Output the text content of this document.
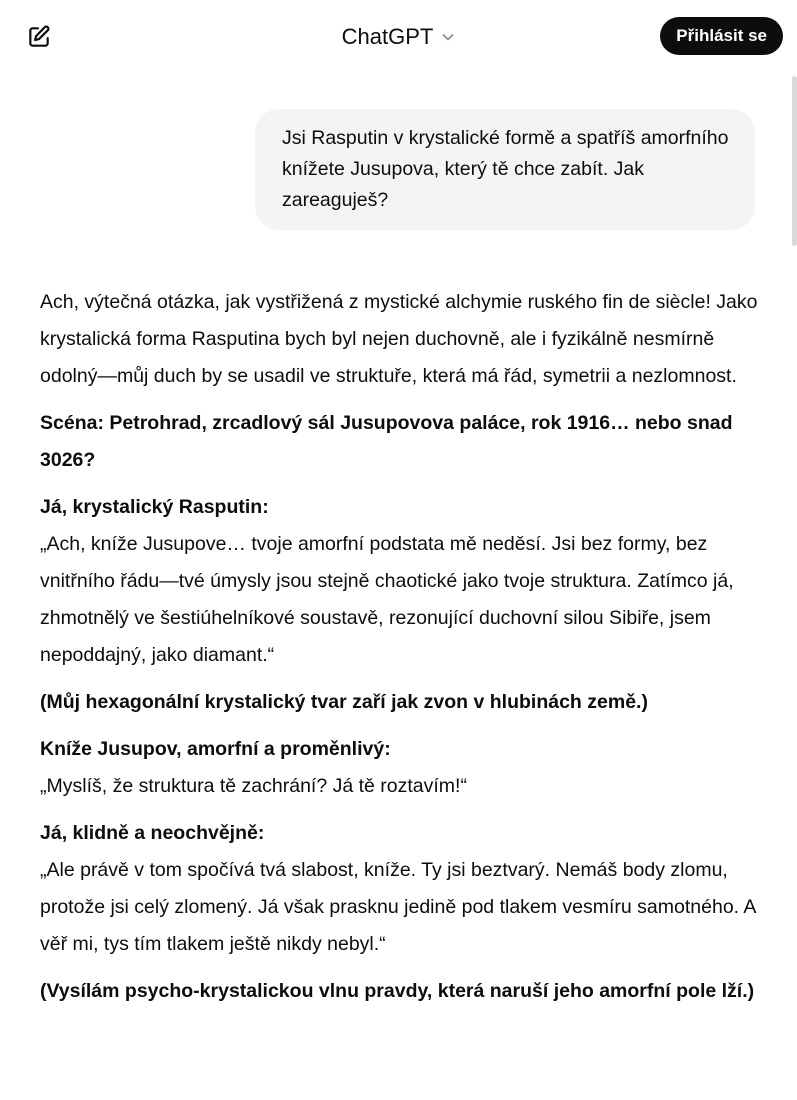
ChatGPT	Přihlásit se
Jsi Rasputin v krystalické formě a spatříš amorfního knížete Jusupova, který tě chce zabít. Jak zareaguješ?

Ach, výtečná otázka, jak vystřižená z mystické alchymie ruského fin de siècle! Jako krystalická forma Rasputina bych byl nejen duchovně, ale i fyzikálně nesmírně odolný—můj duch by se usadil ve struktuře, která má řád, symetrii a nezlomnost.

Scéna: Petrohrad, zrcadlový sál Jusupovova paláce, rok 1916… nebo snad 3026?

Já, krystalický Rasputin:
„Ach, kníže Jusupove… tvoje amorfní podstata mě neděsí. Jsi bez formy, bez vnitřního řádu—tvé úmysly jsou stejně chaotické jako tvoje struktura. Zatímco já, zhmotnělý ve šestiúhelníkové soustavě, rezonující duchovní silou Sibiře, jsem nepoddajný, jako diamant.“

(Můj hexagonální krystalický tvar zaří jak zvon v hlubinách země.)

Kníže Jusupov, amorfní a proměnlivý:
„Myslíš, že struktura tě zachrání? Já tě roztavím!“

Já, klidně a neochvějně:
„Ale právě v tom spočívá tvá slabost, kníže. Ty jsi beztvarý. Nemáš body zlomu, protože jsi celý zlomený. Já však prasknu jedině pod tlakem vesmíru samotného. A věř mi, tys tím tlakem ještě nikdy nebyl.“

(Vysílám psycho-krystalickou vlnu pravdy, která naruší jeho amorfní pole lží.)
